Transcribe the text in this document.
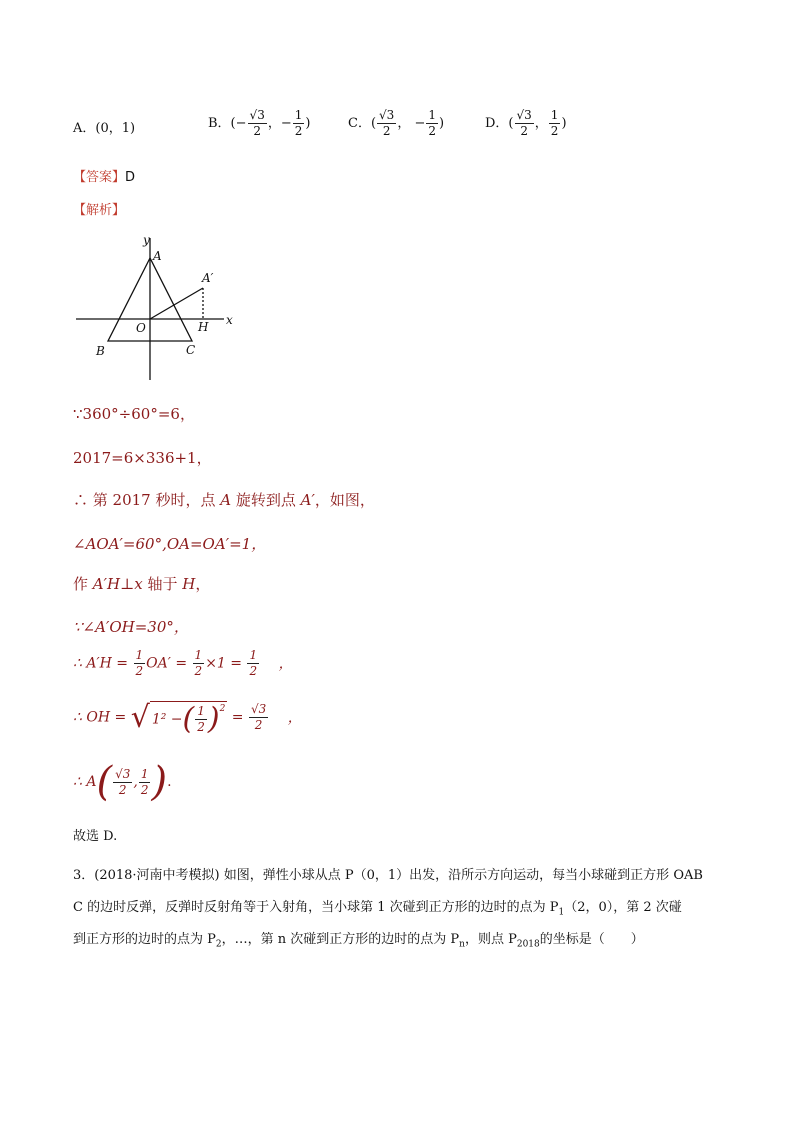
A．(0，1)	B．(− $\frac{√3}{2}$ ，− $\frac{1}{2}$ )	C．( $\frac{√3}{2}$ ， − $\frac{1}{2}$ )	D．( $\frac{√3}{2}$ ， $\frac{1}{2}$ )
【答案】D
【解析】
y
x
A
A′
O	H
B	C
∵360°÷60°=6，
2017=6×336+1，
∴ 第 2017 秒时，点 A 旋转到点 A′，如图，
∠AOA′=60°,OA=OA′=1，
作 A′H⊥x 轴于 H，
∵∠A′OH=30°，
∴ $A'H = \frac{1}{2} OA' = \frac{1}{2} \times 1 = \frac{1}{2}$ ，
∴ OH = √ 1² −( $\frac{1}{2} )^2 = \frac{√3}{2}$ ，
∴ $A( \frac{√3}{2}$ , $\frac{1}{2}$ ).
故选 D.
3．(2018·河南中考模拟) 如图，弹性小球从点 P（0，1）出发，沿所示方向运动，每当小球碰到正方形 OAB
C 的边时反弹，反弹时反射角等于入射角，当小球第 1 次碰到正方形的边时的点为 $P_1(2$，0），第 2 次碰
到正方形的边时的点为 $P_2$，…，第 n 次碰到正方形的边时的点为 $P_n$，则点 $P_{2018}$的坐标是（　　）
